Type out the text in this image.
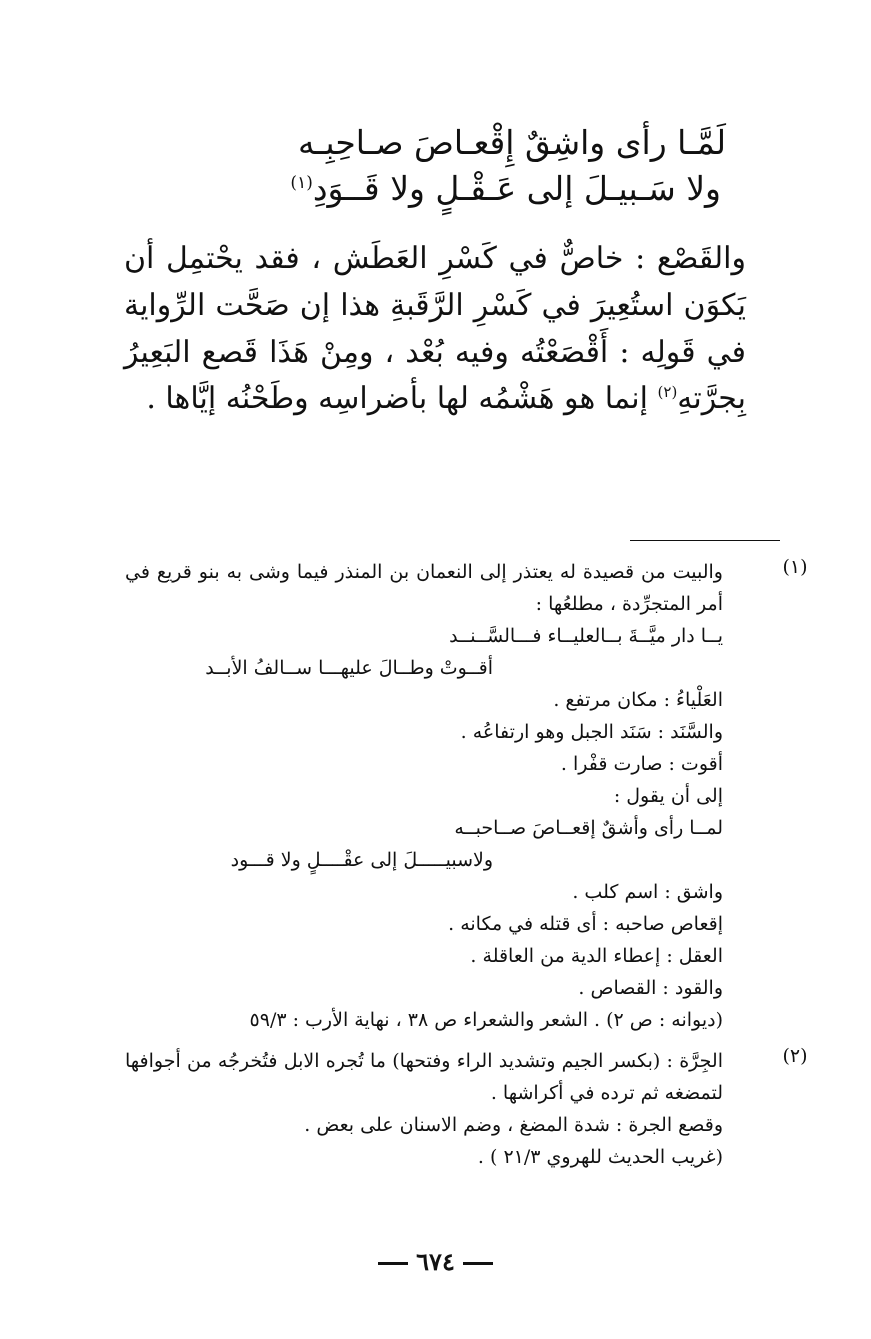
لَمَّـا رأى واشِقٌ إِقْعـاصَ صـاحِبِـه
ولا سَـبيـلَ إلى عَـقْـلٍ ولا قَــوَدِ$^{(١)}$

والقَصْع : خاصٌّ في كَسْرِ العَطَش ، فقد يحْتمِل أن يَكوَن استُعِيرَ في كَسْرِ الرَّقَبةِ هذا إن صَحَّت الرِّواية في قَولِه : أَقْصَعْتُه وفيه بُعْد ، ومِنْ هَذَا قَصع البَعِيرُ بِجرَّتهِ$^{(٢)}$ إنما هو هَشْمُه لها بأضراسِه وطَحْنُه إيَّاها .

(١)
والبيت من قصيدة له يعتذر إلى النعمان بن المنذر فيما وشى به بنو قريع في أمر المتجرِّدة ، مطلعُها :
يــا دار ميَّــةَ بــالعليــاء فـــالسَّــنــد
أقــوتْ وطــالَ عليهـــا ســالفُ الأبــد
العَلْياءُ : مكان مرتفع .
والسَّنَد : سَنَد الجبل وهو ارتفاعُه .
أقوت : صارت قفْرا .
إلى أن يقول :
لمــا رأى وأشقٌ إقعــاصَ صــاحبــه
ولاسبيـــــلَ إلى عقْــــلٍ ولا قـــود
واشق : اسم كلب .
إقعاص صاحبه : أى قتله في مكانه .
العقل : إعطاء الدية من العاقلة .
والقود : القصاص .
(ديوانه : ص ٢) . الشعر والشعراء ص ٣٨ ، نهاية الأرب : ٥٩/٣
(٢)
الجِرَّة : (بكسر الجيم وتشديد الراء وفتحها) ما تُجره الابل فتُخرجُه من أجوافها لتمضغه ثم ترده في أكراشها .
وقصع الجرة : شدة المضغ ، وضم الاسنان على بعض .
(غريب الحديث للهروي ٢١/٣ ) .
٦٧٤
